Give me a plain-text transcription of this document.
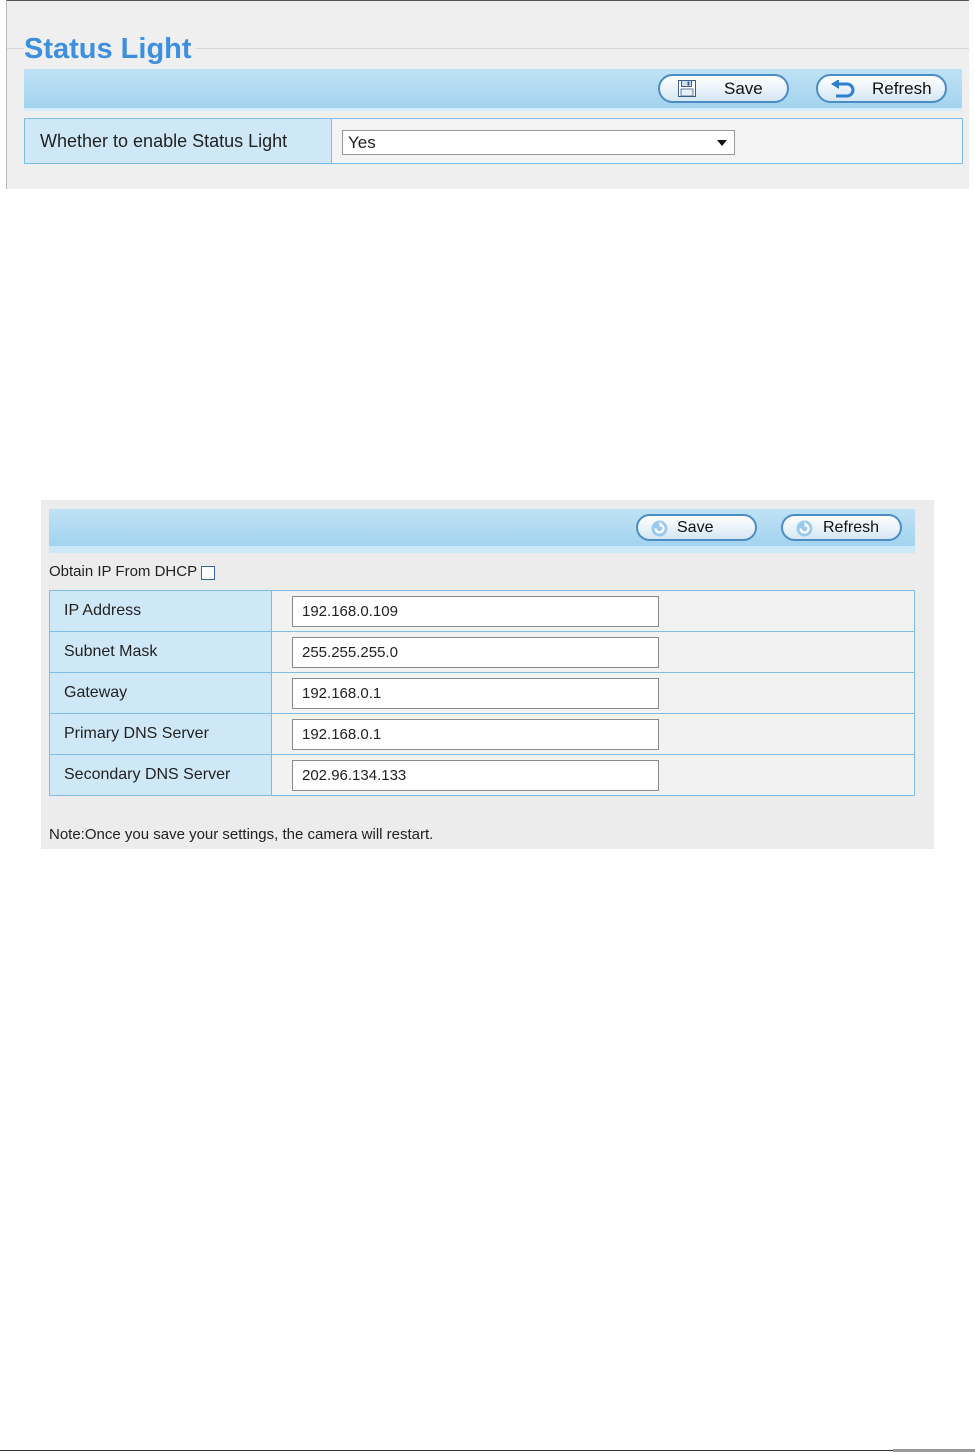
Status Light
Save	Refresh
Whether to enable Status Light	Yes
Save	Refresh
Obtain IP From DHCP
IP Address	192.168.0.109
Subnet Mask	255.255.255.0
Gateway	192.168.0.1
Primary DNS Server	192.168.0.1
Secondary DNS Server	202.96.134.133
Note:Once you save your settings, the camera will restart.
